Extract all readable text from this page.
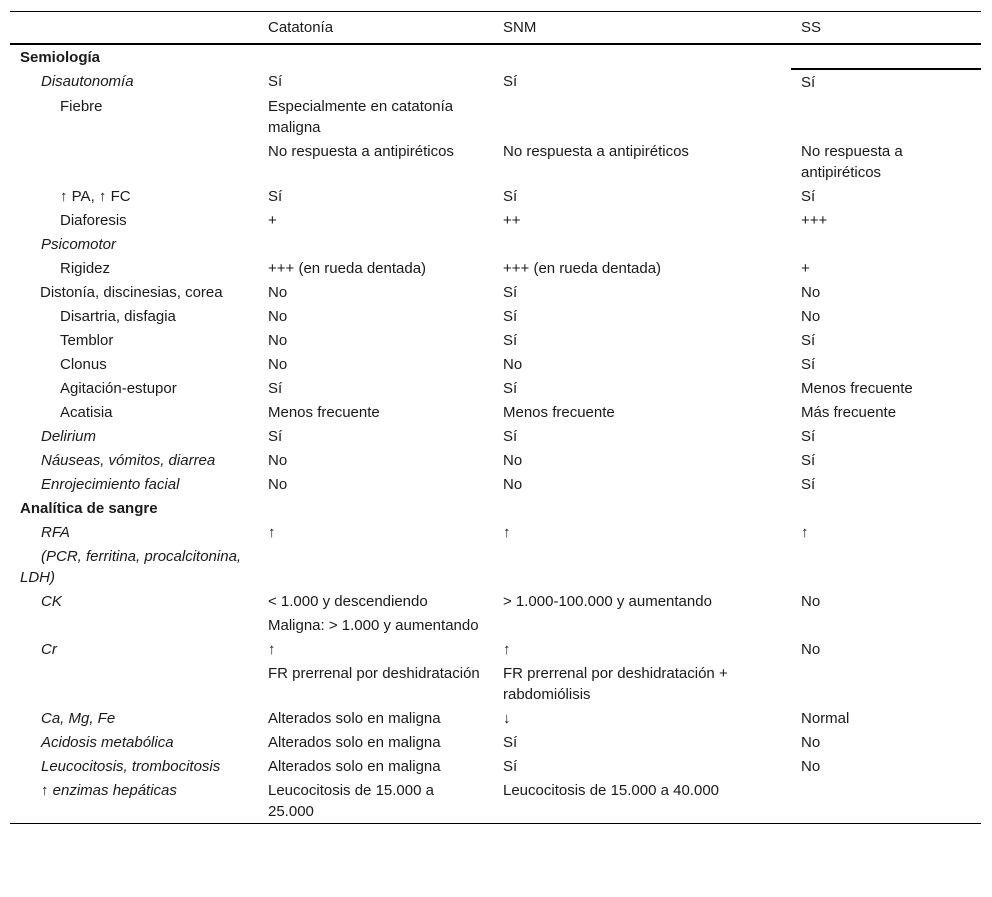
	Catatonía	SNM	SS
Semiología			
Disautonomía	Sí	Sí	Sí
Fiebre	Especialmente en catatonía maligna		
	No respuesta a antipiréticos	No respuesta a antipiréticos	No respuesta a antipiréticos
↑ PA, ↑ FC	Sí	Sí	Sí
Diaforesis	+	++	+++
Psicomotor			
Rigidez	+++ (en rueda dentada)	+++ (en rueda dentada)	+
Distonía, discinesias, corea	No	Sí	No
Disartria, disfagia	No	Sí	No
Temblor	No	Sí	Sí
Clonus	No	No	Sí
Agitación-estupor	Sí	Sí	Menos frecuente
Acatisia	Menos frecuente	Menos frecuente	Más frecuente
Delirium	Sí	Sí	Sí
Náuseas, vómitos, diarrea	No	No	Sí
Enrojecimiento facial	No	No	Sí
Analítica de sangre			
RFA	↑	↑	↑
(PCR, ferritina, procalcitonina, LDH)			
CK	< 1.000 y descendiendo	> 1.000-100.000 y aumentando	No
	Maligna: > 1.000 y aumentando		
Cr	↑	↑	No
	FR prerrenal por deshidratación	FR prerrenal por deshidratación + rabdomiólisis	
Ca, Mg, Fe	Alterados solo en maligna	↓	Normal
Acidosis metabólica	Alterados solo en maligna	Sí	No
Leucocitosis, trombocitosis	Alterados solo en maligna	Sí	No
↑ enzimas hepáticas	Leucocitosis de 15.000 a 25.000	Leucocitosis de 15.000 a 40.000	
